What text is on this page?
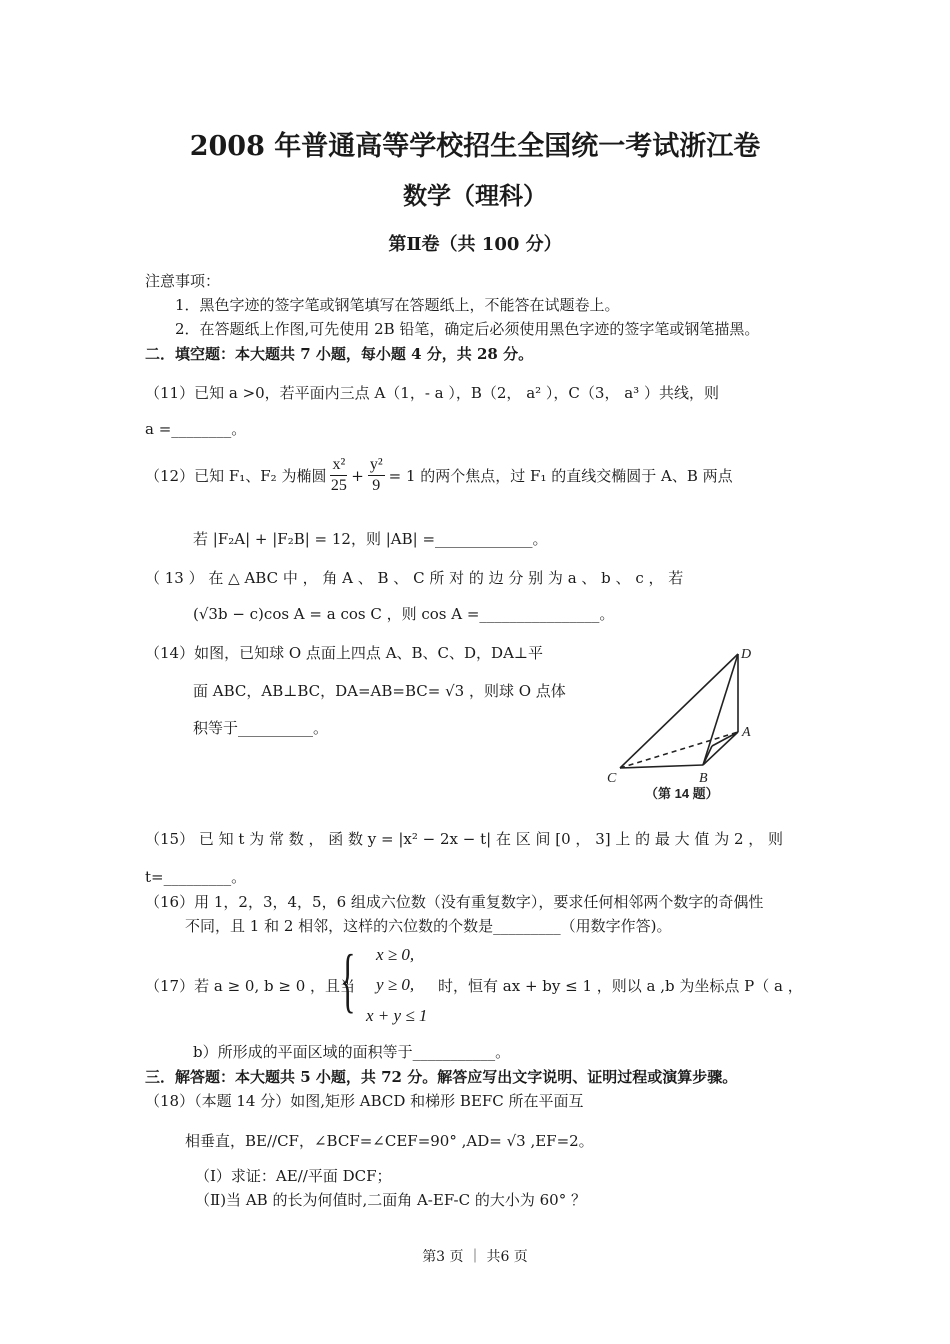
2008 年普通高等学校招生全国统一考试浙江卷
数学（理科）
第Ⅱ卷（共 100 分）
注意事项：
1．黑色字迹的签字笔或钢笔填写在答题纸上，不能答在试题卷上。
2．在答题纸上作图,可先使用 2B 铅笔，确定后必须使用黑色字迹的签字笔或钢笔描黑。
二．填空题：本大题共 7 小题，每小题 4 分，共 28 分。
（11）已知 a >0，若平面内三点 A（1，- a ），B（2， a² ），C（3， a³ ）共线，则
a =________。
（12）已知 F₁、F₂ 为椭圆 $\frac{\text{x²}}{25} + \frac{\text{y²}}{9} = 1$ 的两个焦点，过 F₁ 的直线交椭圆于 A、B 两点
若 |F₂A| + |F₂B| = 12，则 |AB| =_____________。
（ 13 ） 在 △ ABC 中 ， 角 A 、 B 、 C 所 对 的 边 分 别 为 a 、 b 、 c ， 若
(√3b − c)cos A = a cos C ，则 cos A =________________。
（14）如图，已知球 O 点面上四点 A、B、C、D，DA⊥平
面 ABC，AB⊥BC，DA=AB=BC= √3 ，则球 O 点体
积等于__________。
D
A
B
C
（第 14 题）
（15） 已 知 t 为 常 数 ， 函 数 y = |x² − 2x − t| 在 区 间 [0 ， 3] 上 的 最 大 值 为 2 ， 则
t=_________。
（16）用 1，2，3，4，5，6 组成六位数（没有重复数字），要求任何相邻两个数字的奇偶性
不同，且 1 和 2 相邻，这样的六位数的个数是_________（用数字作答)。
（17）若 a ≥ 0, b ≥ 0 ，且当
{ x ≥ 0,
y ≥ 0,
x + y ≤ 1
时，恒有 ax + by ≤ 1 ，则以 a ,b 为坐标点 P（ a ，
b）所形成的平面区域的面积等于___________。
三．解答题：本大题共 5 小题，共 72 分。解答应写出文字说明、证明过程或演算步骤。
（18）（本题 14 分）如图,矩形 ABCD 和梯形 BEFC 所在平面互
相垂直，BE//CF，∠BCF=∠CEF=90° ,AD= √3 ,EF=2。
（Ⅰ）求证：AE//平面 DCF；
（Ⅱ)当 AB 的长为何值时,二面角 A-EF-C 的大小为 60° ？
第3 页 ｜ 共6 页
